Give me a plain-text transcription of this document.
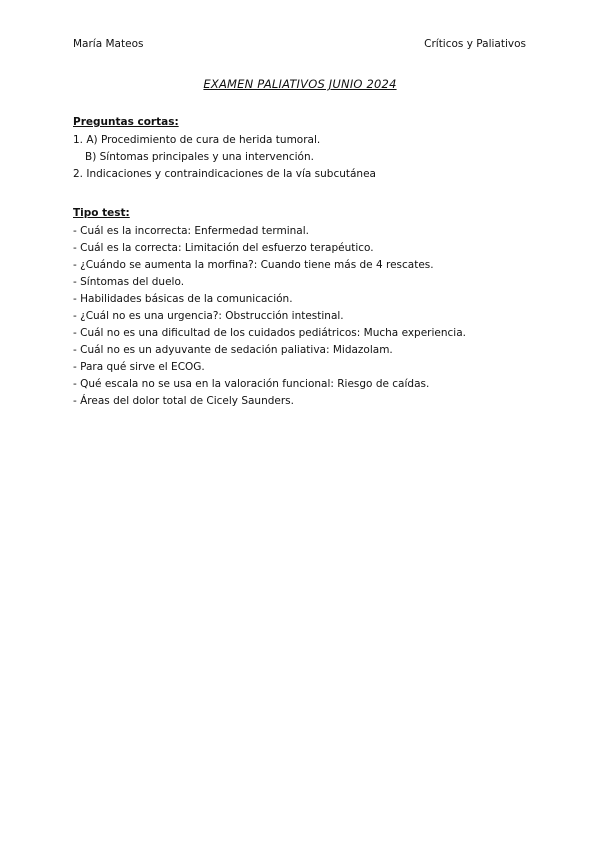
María Mateos	Críticos y Paliativos
EXAMEN PALIATIVOS JUNIO 2024
Preguntas cortas:
1. A) Procedimiento de cura de herida tumoral.
B) Síntomas principales y una intervención.
2. Indicaciones y contraindicaciones de la vía subcutánea
Tipo test:
- Cuál es la incorrecta: Enfermedad terminal.
- Cuál es la correcta: Limitación del esfuerzo terapéutico.
- ¿Cuándo se aumenta la morfina?: Cuando tiene más de 4 rescates.
- Síntomas del duelo.
- Habilidades básicas de la comunicación.
- ¿Cuál no es una urgencia?: Obstrucción intestinal.
- Cuál no es una dificultad de los cuidados pediátricos: Mucha experiencia.
- Cuál no es un adyuvante de sedación paliativa: Midazolam.
- Para qué sirve el ECOG.
- Qué escala no se usa en la valoración funcional: Riesgo de caídas.
- Áreas del dolor total de Cicely Saunders.
